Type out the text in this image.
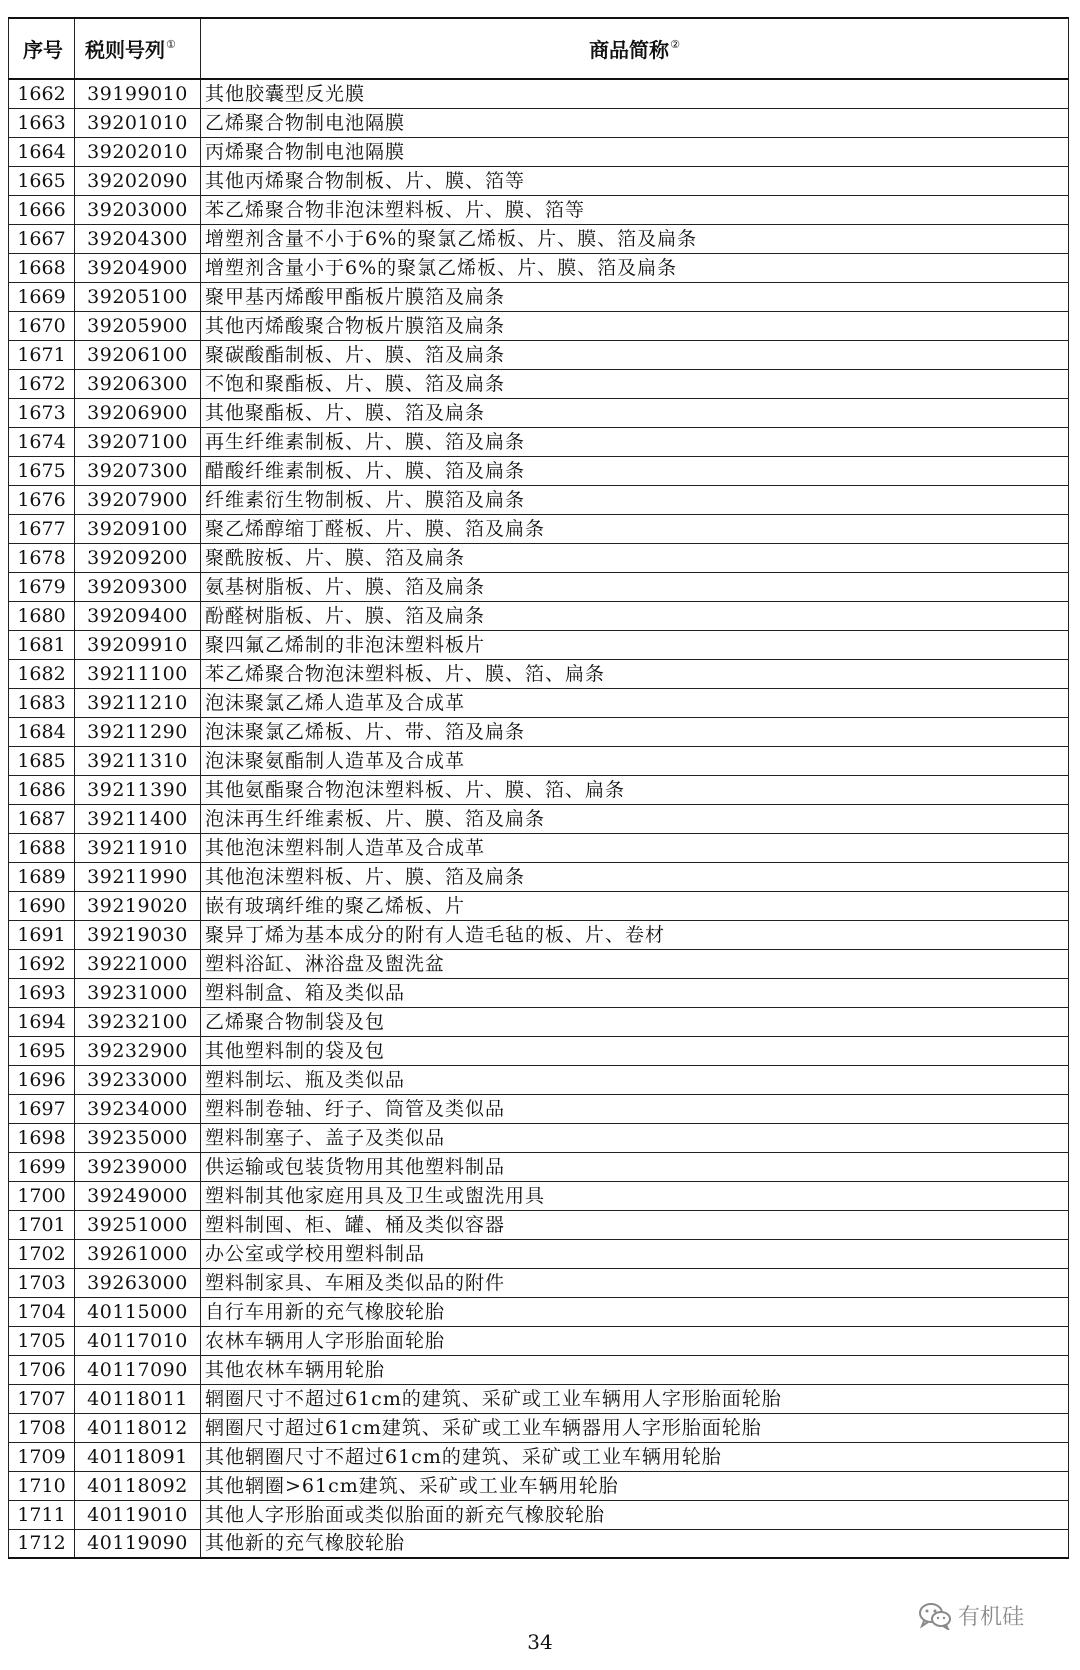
序号	税则号列①	商品简称②
1662	39199010	其他胶囊型反光膜
1663	39201010	乙烯聚合物制电池隔膜
1664	39202010	丙烯聚合物制电池隔膜
1665	39202090	其他丙烯聚合物制板、片、膜、箔等
1666	39203000	苯乙烯聚合物非泡沫塑料板、片、膜、箔等
1667	39204300	增塑剂含量不小于6%的聚氯乙烯板、片、膜、箔及扁条
1668	39204900	增塑剂含量小于6%的聚氯乙烯板、片、膜、箔及扁条
1669	39205100	聚甲基丙烯酸甲酯板片膜箔及扁条
1670	39205900	其他丙烯酸聚合物板片膜箔及扁条
1671	39206100	聚碳酸酯制板、片、膜、箔及扁条
1672	39206300	不饱和聚酯板、片、膜、箔及扁条
1673	39206900	其他聚酯板、片、膜、箔及扁条
1674	39207100	再生纤维素制板、片、膜、箔及扁条
1675	39207300	醋酸纤维素制板、片、膜、箔及扁条
1676	39207900	纤维素衍生物制板、片、膜箔及扁条
1677	39209100	聚乙烯醇缩丁醛板、片、膜、箔及扁条
1678	39209200	聚酰胺板、片、膜、箔及扁条
1679	39209300	氨基树脂板、片、膜、箔及扁条
1680	39209400	酚醛树脂板、片、膜、箔及扁条
1681	39209910	聚四氟乙烯制的非泡沫塑料板片
1682	39211100	苯乙烯聚合物泡沫塑料板、片、膜、箔、扁条
1683	39211210	泡沫聚氯乙烯人造革及合成革
1684	39211290	泡沫聚氯乙烯板、片、带、箔及扁条
1685	39211310	泡沫聚氨酯制人造革及合成革
1686	39211390	其他氨酯聚合物泡沫塑料板、片、膜、箔、扁条
1687	39211400	泡沫再生纤维素板、片、膜、箔及扁条
1688	39211910	其他泡沫塑料制人造革及合成革
1689	39211990	其他泡沫塑料板、片、膜、箔及扁条
1690	39219020	嵌有玻璃纤维的聚乙烯板、片
1691	39219030	聚异丁烯为基本成分的附有人造毛毡的板、片、卷材
1692	39221000	塑料浴缸、淋浴盘及盥洗盆
1693	39231000	塑料制盒、箱及类似品
1694	39232100	乙烯聚合物制袋及包
1695	39232900	其他塑料制的袋及包
1696	39233000	塑料制坛、瓶及类似品
1697	39234000	塑料制卷轴、纡子、筒管及类似品
1698	39235000	塑料制塞子、盖子及类似品
1699	39239000	供运输或包装货物用其他塑料制品
1700	39249000	塑料制其他家庭用具及卫生或盥洗用具
1701	39251000	塑料制囤、柜、罐、桶及类似容器
1702	39261000	办公室或学校用塑料制品
1703	39263000	塑料制家具、车厢及类似品的附件
1704	40115000	自行车用新的充气橡胶轮胎
1705	40117010	农林车辆用人字形胎面轮胎
1706	40117090	其他农林车辆用轮胎
1707	40118011	辋圈尺寸不超过61cm的建筑、采矿或工业车辆用人字形胎面轮胎
1708	40118012	辋圈尺寸超过61cm建筑、采矿或工业车辆器用人字形胎面轮胎
1709	40118091	其他辋圈尺寸不超过61cm的建筑、采矿或工业车辆用轮胎
1710	40118092	其他辋圈>61cm建筑、采矿或工业车辆用轮胎
1711	40119010	其他人字形胎面或类似胎面的新充气橡胶轮胎
1712	40119090	其他新的充气橡胶轮胎
34
有机硅
